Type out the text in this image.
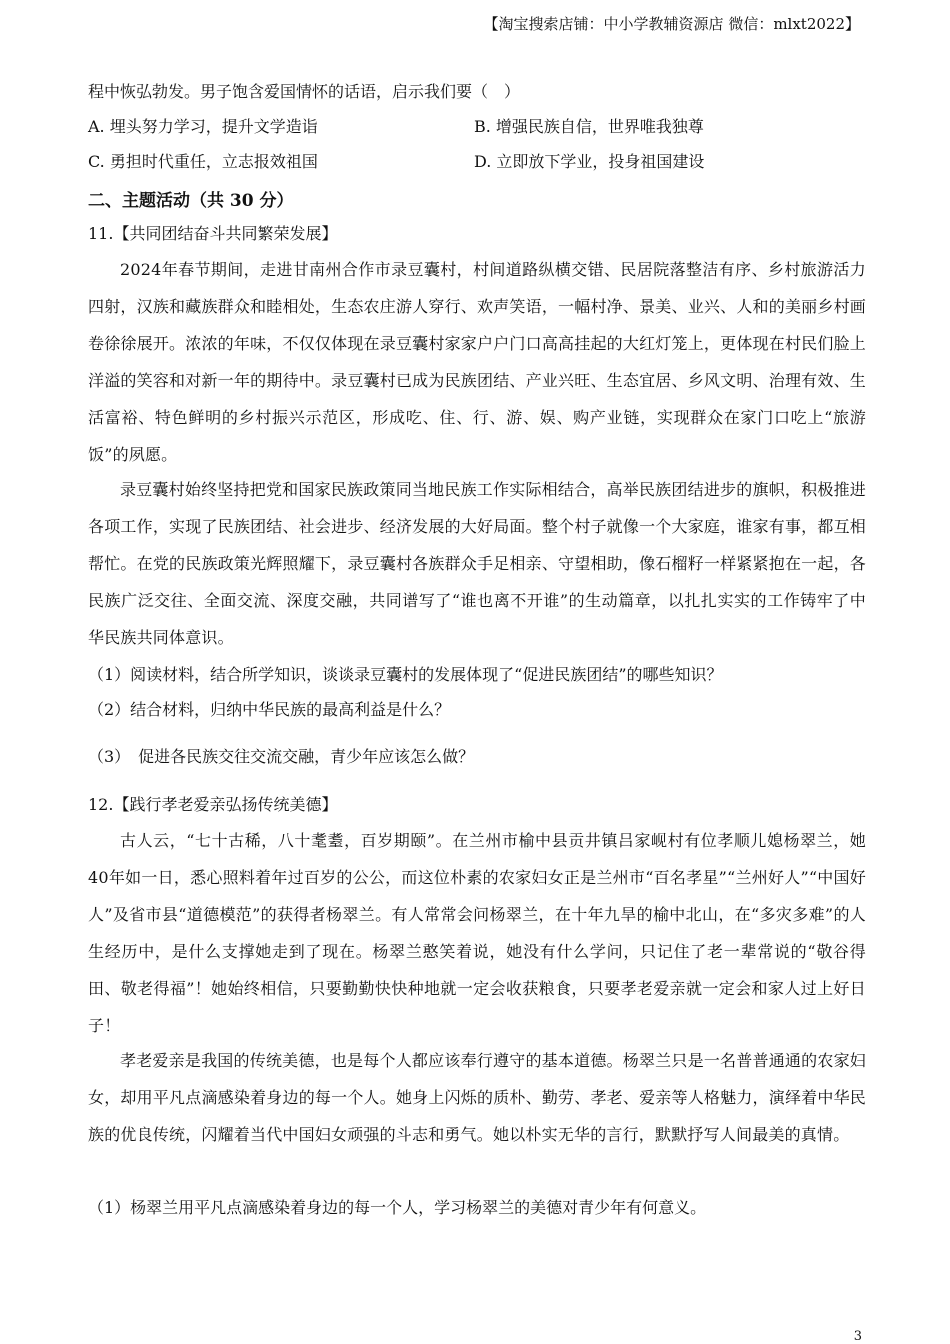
【淘宝搜索店铺：中小学教辅资源店 微信：mlxt2022】
程中恢弘勃发。男子饱含爱国情怀的话语，启示我们要（　）
A. 埋头努力学习，提升文学造诣	B. 增强民族自信，世界唯我独尊
C. 勇担时代重任，立志报效祖国	D. 立即放下学业，投身祖国建设
二、主题活动（共 30 分）
11.【共同团结奋斗共同繁荣发展】
2024年春节期间，走进甘南州合作市录豆囊村，村间道路纵横交错、民居院落整洁有序、乡村旅游活力四射，汉族和藏族群众和睦相处，生态农庄游人穿行、欢声笑语，一幅村净、景美、业兴、人和的美丽乡村画卷徐徐展开。浓浓的年味，不仅仅体现在录豆囊村家家户户门口高高挂起的大红灯笼上，更体现在村民们脸上洋溢的笑容和对新一年的期待中。录豆囊村已成为民族团结、产业兴旺、生态宜居、乡风文明、治理有效、生活富裕、特色鲜明的乡村振兴示范区，形成吃、住、行、游、娱、购产业链，实现群众在家门口吃上“旅游饭”的夙愿。
录豆囊村始终坚持把党和国家民族政策同当地民族工作实际相结合，高举民族团结进步的旗帜，积极推进各项工作，实现了民族团结、社会进步、经济发展的大好局面。整个村子就像一个大家庭，谁家有事，都互相帮忙。在党的民族政策光辉照耀下，录豆囊村各族群众手足相亲、守望相助，像石榴籽一样紧紧抱在一起，各民族广泛交往、全面交流、深度交融，共同谱写了“谁也离不开谁”的生动篇章，以扎扎实实的工作铸牢了中华民族共同体意识。
（1）阅读材料，结合所学知识，谈谈录豆囊村的发展体现了“促进民族团结”的哪些知识？
（2）结合材料，归纳中华民族的最高利益是什么？
（3）　促进各民族交往交流交融，青少年应该怎么做？
12.【践行孝老爱亲弘扬传统美德】
古人云，“七十古稀，八十耄耋，百岁期颐”。在兰州市榆中县贡井镇吕家岘村有位孝顺儿媳杨翠兰，她40年如一日，悉心照料着年过百岁的公公，而这位朴素的农家妇女正是兰州市“百名孝星”“兰州好人”“中国好人”及省市县“道德模范”的获得者杨翠兰。有人常常会问杨翠兰，在十年九旱的榆中北山，在“多灾多难”的人生经历中，是什么支撑她走到了现在。杨翠兰憨笑着说，她没有什么学问，只记住了老一辈常说的“敬谷得田、敬老得福”！她始终相信，只要勤勤快快种地就一定会收获粮食，只要孝老爱亲就一定会和家人过上好日子！
孝老爱亲是我国的传统美德，也是每个人都应该奉行遵守的基本道德。杨翠兰只是一名普普通通的农家妇女，却用平凡点滴感染着身边的每一个人。她身上闪烁的质朴、勤劳、孝老、爱亲等人格魅力，演绎着中华民族的优良传统，闪耀着当代中国妇女顽强的斗志和勇气。她以朴实无华的言行，默默抒写人间最美的真情。
（1）杨翠兰用平凡点滴感染着身边的每一个人，学习杨翠兰的美德对青少年有何意义。
3
